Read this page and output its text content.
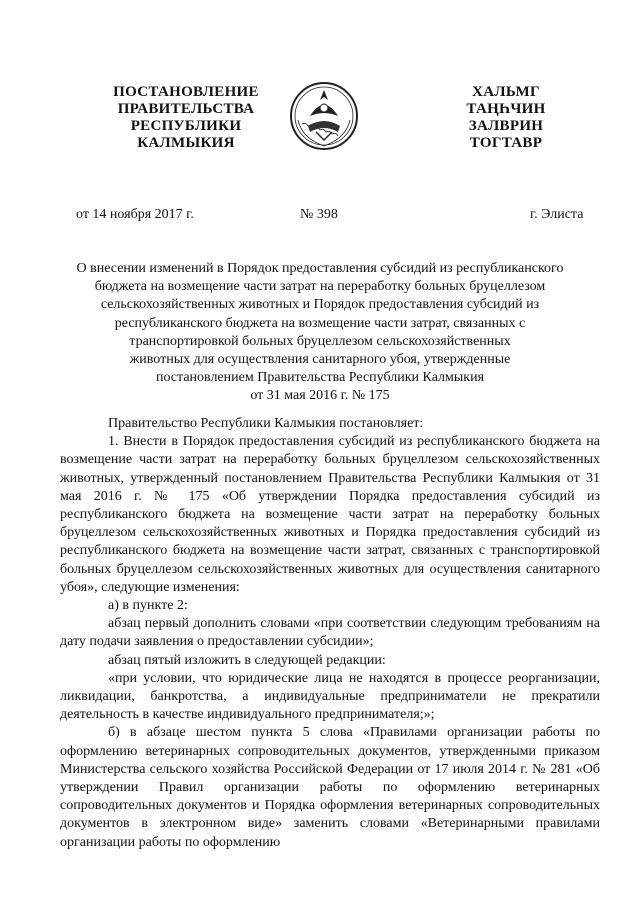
ПОСТАНОВЛЕНИЕ
ПРАВИТЕЛЬСТВА
РЕСПУБЛИКИ
КАЛМЫКИЯ
ХАЛЬМГ
ТАҢҺЧИН
ЗАЛВРИН
ТОГТАВР
от 14 ноября 2017 г.	№ 398	г. Элиста
О внесении изменений в Порядок предоставления субсидий из республиканского
бюджета на возмещение части затрат на переработку больных бруцеллезом
сельскохозяйственных животных и Порядок предоставления субсидий из
республиканского бюджета на возмещение части затрат, связанных с
транспортировкой больных бруцеллезом сельскохозяйственных
животных для осуществления санитарного убоя, утвержденные
постановлением Правительства Республики Калмыкия
от 31 мая 2016 г. № 175

Правительство Республики Калмыкия постановляет:

1. Внести в Порядок предоставления субсидий из республиканского бюджета на возмещение части затрат на переработку больных бруцеллезом сельскохозяйственных животных, утвержденный постановлением Правительства Республики Калмыкия от 31 мая 2016 г. № 175 «Об утверждении Порядка предоставления субсидий из республиканского бюджета на возмещение части затрат на переработку больных бруцеллезом сельскохозяйственных животных и Порядка предоставления субсидий из республиканского бюджета на возмещение части затрат, связанных с транспортировкой больных бруцеллезом сельскохозяйственных животных для осуществления санитарного убоя», следующие изменения:

а) в пункте 2:

абзац первый дополнить словами «при соответствии следующим требованиям на дату подачи заявления о предоставлении субсидии»;

абзац пятый изложить в следующей редакции:

«при условии, что юридические лица не находятся в процессе реорганизации, ликвидации, банкротства, а индивидуальные предприниматели не прекратили деятельность в качестве индивидуального предпринимателя;»;

б) в абзаце шестом пункта 5 слова «Правилами организации работы по оформлению ветеринарных сопроводительных документов, утвержденными приказом Министерства сельского хозяйства Российской Федерации от 17 июля 2014 г. № 281 «Об утверждении Правил организации работы по оформлению ветеринарных сопроводительных документов и Порядка оформления ветеринарных сопроводительных документов в электронном виде» заменить словами «Ветеринарными правилами организации работы по оформлению
